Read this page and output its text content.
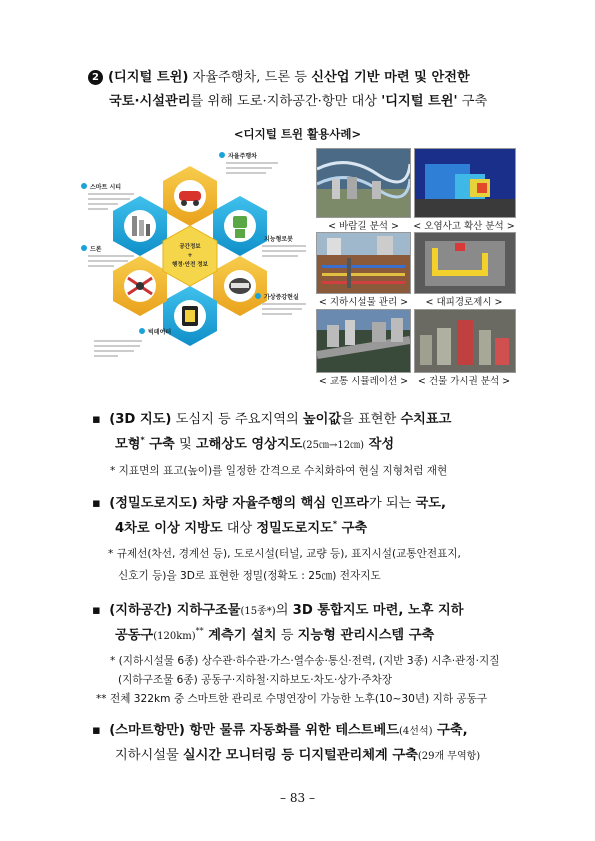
2 (디지털 트윈) 자율주행차, 드론 등 신산업 기반 마련 및 안전한
국토·시설관리를 위해 도로·지하공간·항만 대상 '디지털 트윈' 구축
<디지털 트윈 활용사례>
공간정보
+
행정·안전 정보
자율주행차
스마트 시티
드론
지능형로봇
가상증강현실
빅데이터
< 바람길 분석 >	< 오염사고 확산 분석 >
< 지하시설물 관리 >	< 대피경로제시 >
< 교통 시뮬레이션 >	< 건물 가시권 분석 >
▪ (3D 지도) 도심지 등 주요지역의 높이값을 표현한 수치표고
모형* 구축 및 고해상도 영상지도(25㎝→12㎝) 작성
* 지표면의 표고(높이)를 일정한 간격으로 수치화하여 현실 지형처럼 재현
▪ (정밀도로지도) 차량 자율주행의 핵심 인프라가 되는 국도,
4차로 이상 지방도 대상 정밀도로지도* 구축
* 규제선(차선, 경계선 등), 도로시설(터널, 교량 등), 표지시설(교통안전표지,
신호기 등)을 3D로 표현한 정밀(정확도 : 25㎝) 전자지도
▪ (지하공간) 지하구조물(15종*)의 3D 통합지도 마련, 노후 지하
공동구(120km)** 계측기 설치 등 지능형 관리시스템 구축
* (지하시설물 6종) 상수관·하수관·가스·열수송·통신·전력, (지반 3종) 시추·관정·지질
(지하구조물 6종) 공동구·지하철·지하보도·차도·상가·주차장
** 전체 322km 중 스마트한 관리로 수명연장이 가능한 노후(10~30년) 지하 공동구
▪ (스마트항만) 항만 물류 자동화를 위한 테스트베드(4선석) 구축,
지하시설물 실시간 모니터링 등 디지털관리체계 구축(29개 무역항)
– 83 –
